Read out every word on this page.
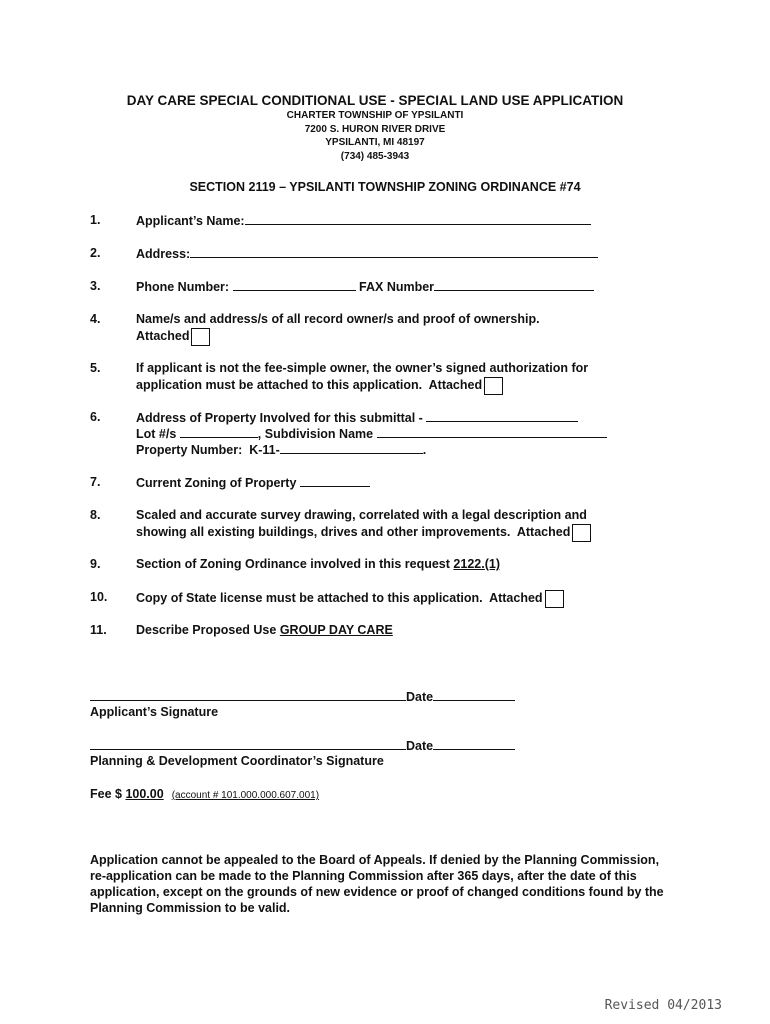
DAY CARE SPECIAL CONDITIONAL USE - SPECIAL LAND USE APPLICATION
CHARTER TOWNSHIP OF YPSILANTI
7200 S. HURON RIVER DRIVE
YPSILANTI, MI 48197
(734) 485-3943
SECTION 2119 – YPSILANTI TOWNSHIP ZONING ORDINANCE #74
1.	Applicant’s Name:
2.	Address:
3.	Phone Number:	FAX Number
4.	Name/s and address/s of all record owner/s and proof of ownership.
Attached
5.	If applicant is not the fee-simple owner, the owner’s signed authorization for
application must be attached to this application.  Attached
6.	Address of Property Involved for this submittal -
Lot #/s	, Subdivision Name
Property Number:  K-11-	.
7.	Current Zoning of Property
8.	Scaled and accurate survey drawing, correlated with a legal description and
showing all existing buildings, drives and other improvements.  Attached
9.	Section of Zoning Ordinance involved in this request 2122.(1)
10. Copy of State license must be attached to this application.  Attached
11. Describe Proposed Use GROUP DAY CARE
Date
Applicant’s Signature
Date
Planning & Development Coordinator’s Signature
Fee $ 100.00 (account # 101.000.000.607.001)
Application cannot be appealed to the Board of Appeals. If denied by the Planning Commission, re-application can be made to the Planning Commission after 365 days, after the date of this application, except on the grounds of new evidence or proof of changed conditions found by the Planning Commission to be valid.
Revised 04/2013
